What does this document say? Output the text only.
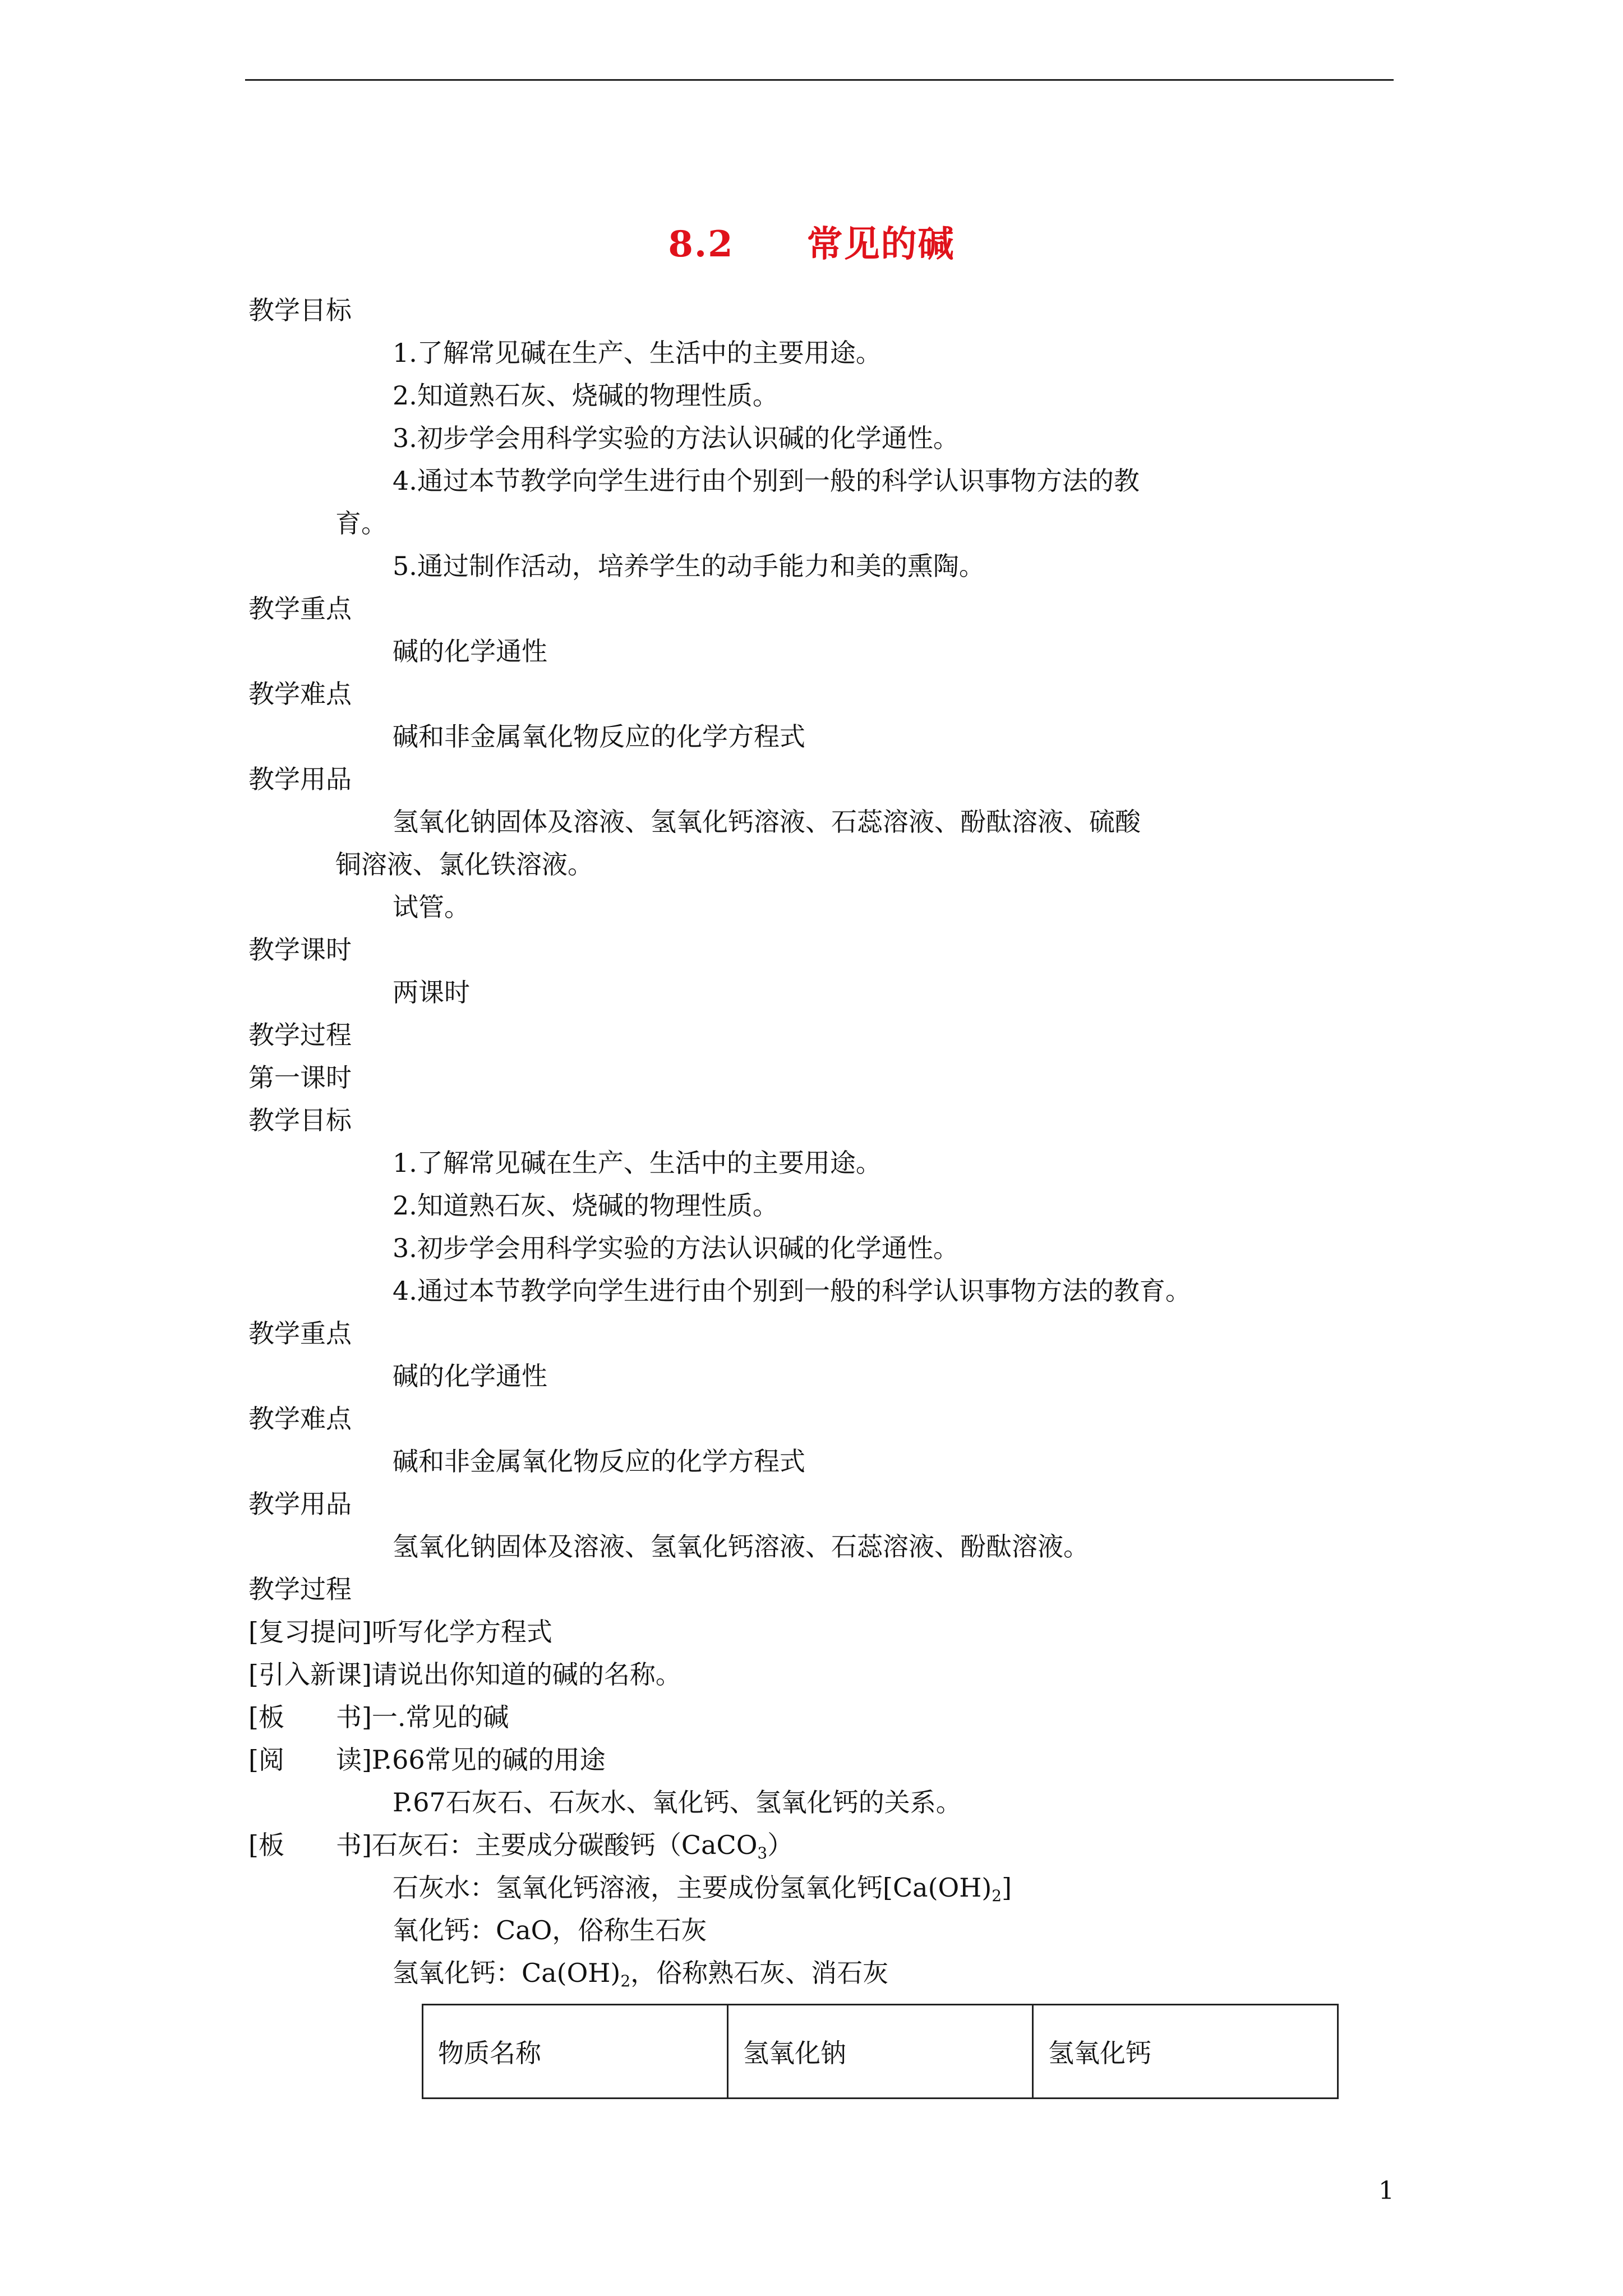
8.2 常见的碱
教学目标
1.了解常见碱在生产、生活中的主要用途。
2.知道熟石灰、烧碱的物理性质。
3.初步学会用科学实验的方法认识碱的化学通性。
4.通过本节教学向学生进行由个别到一般的科学认识事物方法的教
育。
5.通过制作活动，培养学生的动手能力和美的熏陶。
教学重点
碱的化学通性
教学难点
碱和非金属氧化物反应的化学方程式
教学用品
氢氧化钠固体及溶液、氢氧化钙溶液、石蕊溶液、酚酞溶液、硫酸
铜溶液、氯化铁溶液。
试管。
教学课时
两课时
教学过程
第一课时
教学目标
1.了解常见碱在生产、生活中的主要用途。
2.知道熟石灰、烧碱的物理性质。
3.初步学会用科学实验的方法认识碱的化学通性。
4.通过本节教学向学生进行由个别到一般的科学认识事物方法的教育。
教学重点
碱的化学通性
教学难点
碱和非金属氧化物反应的化学方程式
教学用品
氢氧化钠固体及溶液、氢氧化钙溶液、石蕊溶液、酚酞溶液。
教学过程
[复习提问]听写化学方程式
[引入新课]请说出你知道的碱的名称。
[板　　书]一.常见的碱
[阅　　读]P.66常见的碱的用途
P.67石灰石、石灰水、氧化钙、氢氧化钙的关系。
[板　　书]石灰石：主要成分碳酸钙（CaCO$_3$）
石灰水：氢氧化钙溶液，主要成份氢氧化钙$[Ca(OH)_2]$
氧化钙：CaO，俗称生石灰
氢氧化钙：$Ca(OH)_2$，俗称熟石灰、消石灰
物质名称	氢氧化钠	氢氧化钙
1
